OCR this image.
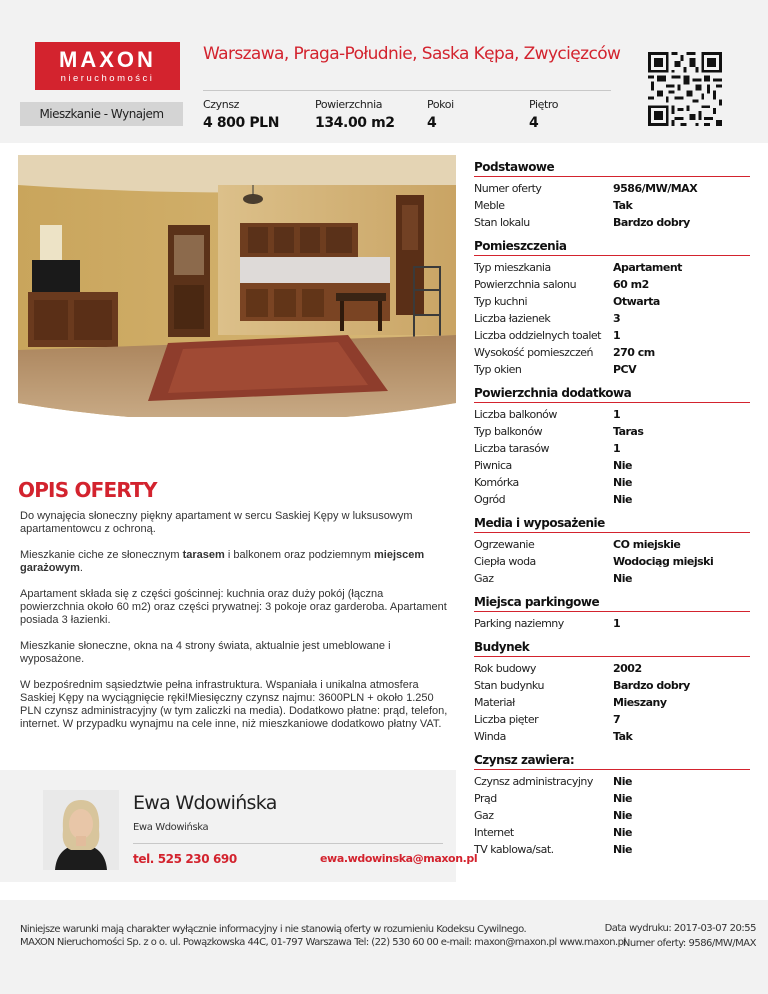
MAXON
nieruchomości
Warszawa, Praga-Południe, Saska Kępa, Zwycięzców
Mieszkanie - Wynajem
Czynsz
4 800 PLN
Powierzchnia
134.00 m2
Pokoi
4
Piętro
4
OPIS OFERTY

Do wynajęcia słoneczny piękny apartament w sercu Saskiej Kępy w luksusowym apartamentowcu z ochroną.

Mieszkanie ciche ze słonecznym tarasem i balkonem oraz podziemnym miejscem garażowym.

Apartament składa się z części gościnnej: kuchnia oraz duży pokój (łączna powierzchnia około 60 m2) oraz części prywatnej: 3 pokoje oraz garderoba. Apartament posiada 3 łazienki.

Mieszkanie słoneczne, okna na 4 strony świata, aktualnie jest umeblowane i wyposażone.

W bezpośrednim sąsiedztwie pełna infrastruktura. Wspaniała i unikalna atmosfera Saskiej Kępy na wyciągnięcie ręki!Miesięczny czynsz najmu: 3600PLN + około 1.250 PLN czynsz administracyjny (w tym zaliczki na media). Dodatkowo płatne: prąd, telefon, internet. W przypadku wynajmu na cele inne, niż mieszkaniowe dodatkowo płatny VAT.

Ewa Wdowińska
Ewa Wdowińska
tel. 525 230 690	ewa.wdowinska@maxon.pl
Podstawowe
Numer oferty	9586/MW/MAX
Meble	Tak
Stan lokalu	Bardzo dobry
Pomieszczenia
Typ mieszkania	Apartament
Powierzchnia salonu	60 m2
Typ kuchni	Otwarta
Liczba łazienek	3
Liczba oddzielnych toalet	1
Wysokość pomieszczeń	270 cm
Typ okien	PCV
Powierzchnia dodatkowa
Liczba balkonów	1
Typ balkonów	Taras
Liczba tarasów	1
Piwnica	Nie
Komórka	Nie
Ogród	Nie
Media i wyposażenie
Ogrzewanie	CO miejskie
Ciepła woda	Wodociąg miejski
Gaz	Nie
Miejsca parkingowe
Parking naziemny	1
Budynek
Rok budowy	2002
Stan budynku	Bardzo dobry
Materiał	Mieszany
Liczba pięter	7
Winda	Tak
Czynsz zawiera:
Czynsz administracyjny	Nie
Prąd	Nie
Gaz	Nie
Internet	Nie
TV kablowa/sat.	Nie
Niniejsze warunki mają charakter wyłącznie informacyjny i nie stanowią oferty w rozumieniu Kodeksu Cywilnego.
MAXON Nieruchomości Sp. z o o. ul. Powązkowska 44C, 01-797 Warszawa Tel: (22) 530 60 00 e-mail: maxon@maxon.pl www.maxon.pl
Data wydruku: 2017-03-07 20:55
Numer oferty: 9586/MW/MAX
